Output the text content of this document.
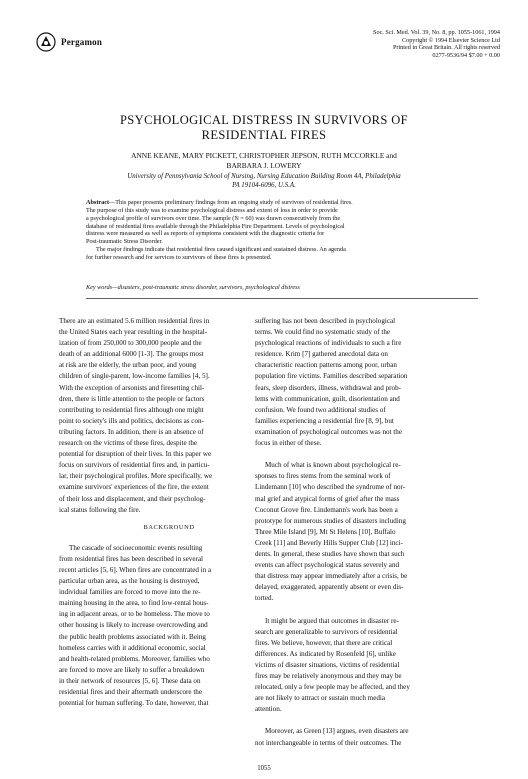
Pergamon
Soc. Sci. Med. Vol. 39, No. 8, pp. 1055-1061, 1994
Copyright © 1994 Elsevier Science Ltd
Printed in Great Britain. All rights reserved
0277-9536/94 $7.00 + 0.00
PSYCHOLOGICAL DISTRESS IN SURVIVORS OF
RESIDENTIAL FIRES
ANNE KEANE, MARY PICKETT, CHRISTOPHER JEPSON, RUTH MCCORKLE and
BARBARA J. LOWERY
University of Pennsylvania School of Nursing, Nursing Education Building Room 4A, Philadelphia
PA 19104-6096, U.S.A.
Abstract—This paper presents preliminary findings from an ongoing study of survivors of residential fires.
The purpose of this study was to examine psychological distress and extent of loss in order to provide
a psychological profile of survivors over time. The sample (N = 60) was drawn consecutively from the
database of residential fires available through the Philadelphia Fire Department. Levels of psychological
distress were measured as well as reports of symptoms consistent with the diagnostic criteria for
Post-traumatic Stress Disorder.
The major findings indicate that residential fires caused significant and sustained distress. An agenda
for further research and for services to survivors of these fires is presented.
Key words—disasters, post-traumatic stress disorder, survivors, psychological distress
There are an estimated 5.6 million residential fires in
the United States each year resulting in the hospital-
ization of from 250,000 to 300,000 people and the
death of an additional 6000 [1-3]. The groups most
at risk are the elderly, the urban poor, and young
children of single-parent, low-income families [4, 5].
With the exception of arsonists and firesetting chil-
dren, there is little attention to the people or factors
contributing to residential fires although one might
point to society's ills and politics, decisions as con-
tributing factors. In addition, there is an absence of
research on the victims of these fires, despite the
potential for disruption of their lives. In this paper we
focus on survivors of residential fires and, in particu-
lar, their psychological profiles. More specifically, we
examine survivors' experiences of the fire, the extent
of their loss and displacement, and their psycholog-
ical status following the fire.
BACKGROUND
The cascade of socioeconomic events resulting
from residential fires has been described in several
recent articles [5, 6]. When fires are concentrated in a
particular urban area, as the housing is destroyed,
individual families are forced to move into the re-
maining housing in the area, to find low-rental hous-
ing in adjacent areas, or to be homeless. The move to
other housing is likely to increase overcrowding and
the public health problems associated with it. Being
homeless carries with it additional economic, social
and health-related problems. Moreover, families who
are forced to move are likely to suffer a breakdown
in their network of resources [5, 6]. These data on
residential fires and their aftermath underscore the
potential for human suffering. To date, however, that
suffering has not been described in psychological
terms. We could find no systematic study of the
psychological reactions of individuals to such a fire
residence. Krim [7] gathered anecdotal data on
characteristic reaction patterns among poor, urban
population fire victims. Families described separation
fears, sleep disorders, illness, withdrawal and prob-
lems with communication, guilt, disorientation and
confusion. We found two additional studies of
families experiencing a residential fire [8, 9], but
examination of psychological outcomes was not the
focus in either of these.
Much of what is known about psychological re-
sponses to fires stems from the seminal work of
Lindemann [10] who described the syndrome of nor-
mal grief and atypical forms of grief after the mass
Coconut Grove fire. Lindemann's work has been a
prototype for numerous studies of disasters including
Three Mile Island [9], Mt St Helens [10], Buffalo
Creek [11] and Beverly Hills Supper Club [12] inci-
dents. In general, these studies have shown that such
events can affect psychological status severely and
that distress may appear immediately after a crisis, be
delayed, exaggerated, apparently absent or even dis-
torted.
It might be argued that outcomes in disaster re-
search are generalizable to survivors of residential
fires. We believe, however, that there are critical
differences. As indicated by Rosenfeld [6], unlike
victims of disaster situations, victims of residential
fires may be relatively anonymous and they may be
relocated, only a few people may be affected, and they
are not likely to attract or sustain much media
attention.
Moreover, as Green [13] argues, even disasters are
not interchangeable in terms of their outcomes. The
1055
